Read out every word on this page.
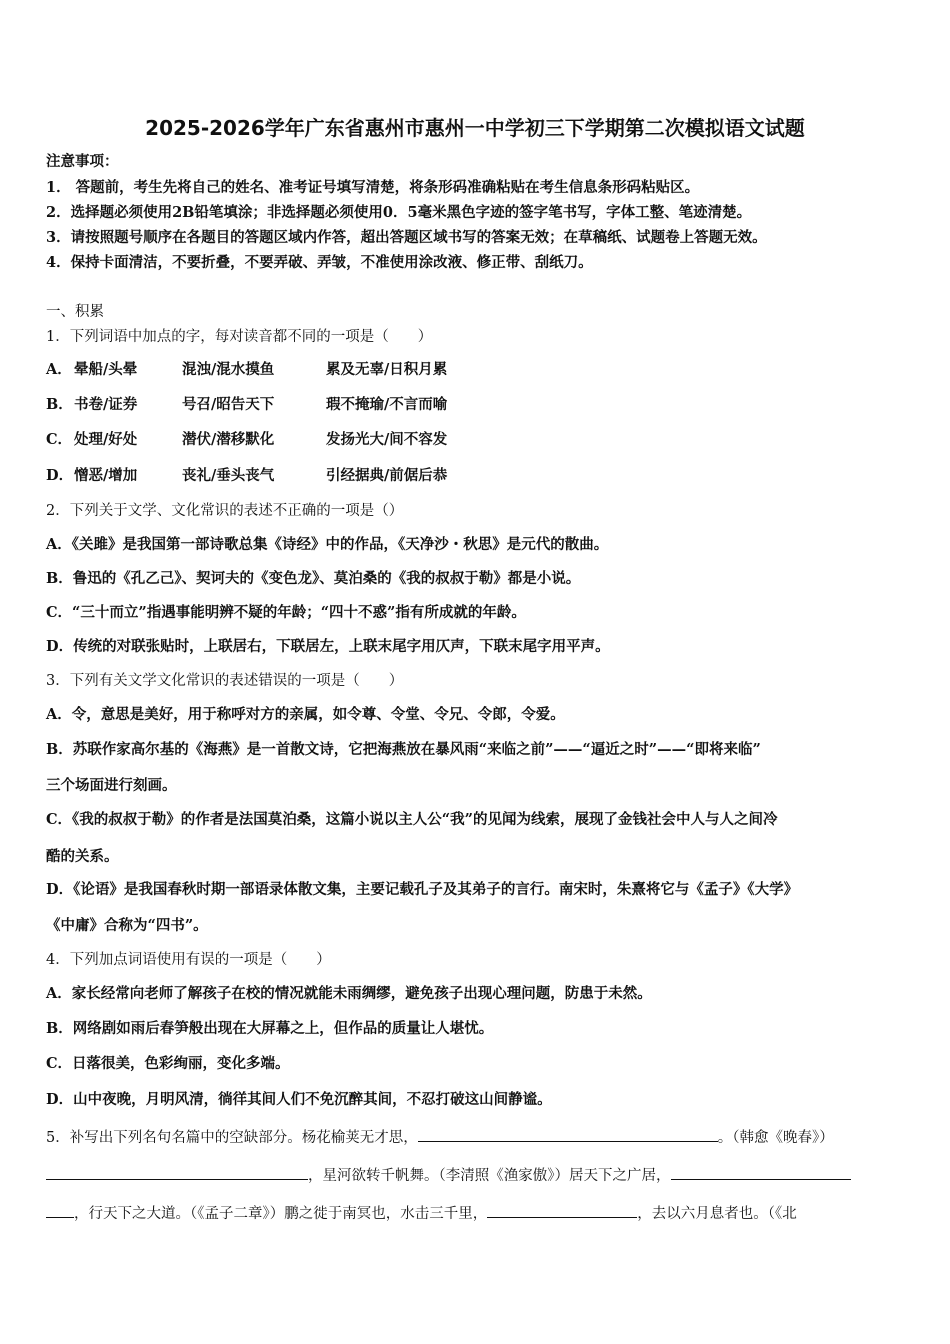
2025-2026学年广东省惠州市惠州一中学初三下学期第二次模拟语文试题
注意事项：
1． 答题前，考生先将自己的姓名、准考证号填写清楚，将条形码准确粘贴在考生信息条形码粘贴区。
2．选择题必须使用2B铅笔填涂；非选择题必须使用0．5毫米黑色字迹的签字笔书写，字体工整、笔迹清楚。
3．请按照题号顺序在各题目的答题区域内作答，超出答题区域书写的答案无效；在草稿纸、试题卷上答题无效。
4．保持卡面清洁，不要折叠，不要弄破、弄皱，不准使用涂改液、修正带、刮纸刀。
一、积累
1．下列词语中加点的字，每对读音都不同的一项是（　　）
A． 晕船/头晕	混浊/混水摸鱼	累及无辜/日积月累
B．书卷/证券	号召/昭告天下	瑕不掩瑜/不言而喻
C． 处理/好处	潜伏/潜移默化	发扬光大/间不容发
D．憎恶/增加	丧礼/垂头丧气	引经据典/前倨后恭
2．下列关于文学、文化常识的表述不正确的一项是（）
A．《关雎》是我国第一部诗歌总集《诗经》中的作品，《天净沙・秋思》是元代的散曲。
B．鲁迅的《孔乙己》、契诃夫的《变色龙》、莫泊桑的《我的叔叔于勒》都是小说。
C．“三十而立”指遇事能明辨不疑的年龄；“四十不惑”指有所成就的年龄。
D．传统的对联张贴时，上联居右，下联居左，上联末尾字用仄声，下联末尾字用平声。
3．下列有关文学文化常识的表述错误的一项是（　　）
A．令，意思是美好，用于称呼对方的亲属，如令尊、令堂、令兄、令郎，令爱。
B．苏联作家高尔基的《海燕》是一首散文诗，它把海燕放在暴风雨“来临之前”——“逼近之时”——“即将来临”
三个场面进行刻画。
C．《我的叔叔于勒》的作者是法国莫泊桑，这篇小说以主人公“我”的见闻为线索，展现了金钱社会中人与人之间冷
酷的关系。
D．《论语》是我国春秋时期一部语录体散文集，主要记载孔子及其弟子的言行。南宋时，朱熹将它与《孟子》《大学》
《中庸》合称为“四书”。
4．下列加点词语使用有误的一项是（　　）
A．家长经常向老师了解孩子在校的情况就能未雨绸缪，避免孩子出现心理问题，防患于未然。
B．网络剧如雨后春笋般出现在大屏幕之上，但作品的质量让人堪忧。
C．日落很美，色彩绚丽，变化多端。
D．山中夜晚，月明风清，徜徉其间人们不免沉醉其间，不忍打破这山间静谧。
5．补写出下列名句名篇中的空缺部分。杨花榆荚无才思，	。（韩愈《晚春》）
，星河欲转千帆舞。（李清照《渔家傲》）居天下之广居，
，行天下之大道。（《孟子二章》）鹏之徙于南冥也，水击三千里，	，去以六月息者也。（《北
